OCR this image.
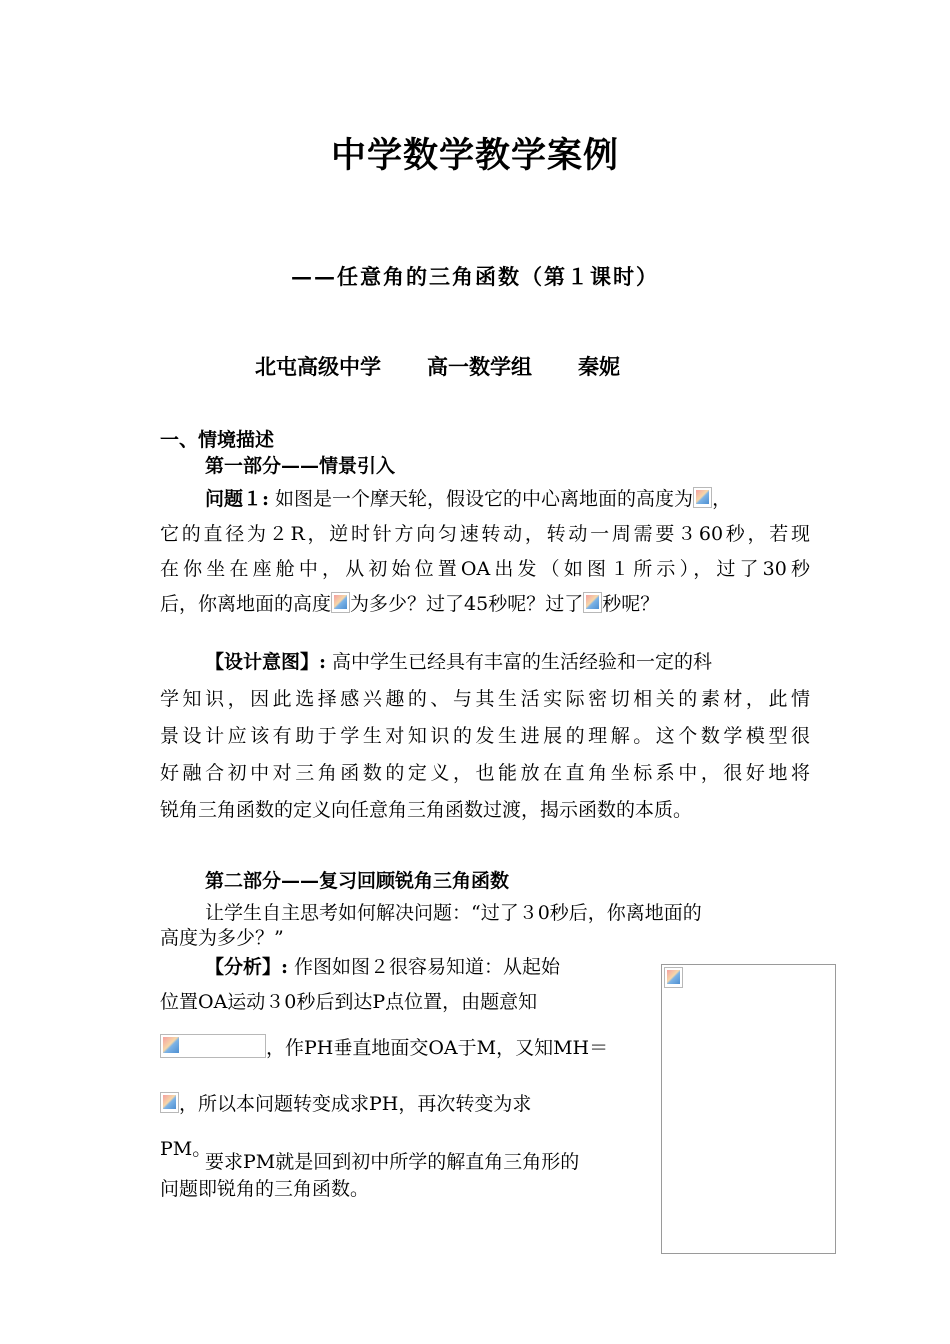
中学数学教学案例
——任意角的三角函数（第１课时）
北屯高级中学 高一数学组 秦妮
一、情境描述
第一部分——情景引入
问题１: 如图是一个摩天轮，假设它的中心离地面的高度为 ，
它的直径为２R，逆时针方向匀速转动，转动一周需要３60秒，若现
在你坐在座舱中，从初始位置OA出发（如图１所示），过了30秒
后，你离地面的高度 为多少？过了45秒呢？过了 秒呢？
【设计意图】: 高中学生已经具有丰富的生活经验和一定的科
学知识，因此选择感兴趣的、与其生活实际密切相关的素材，此情
景设计应该有助于学生对知识的发生进展的理解。这个数学模型很
好融合初中对三角函数的定义，也能放在直角坐标系中，很好地将
锐角三角函数的定义向任意角三角函数过渡，揭示函数的本质。
第二部分——复习回顾锐角三角函数
让学生自主思考如何解决问题：“过了３0秒后，你离地面的
高度为多少？”
【分析】: 作图如图２很容易知道：从起始
位置OA运动３0秒后到达P点位置，由题意知
，作PH垂直地面交OA于M，又知MH＝
，所以本问题转变成求PH，再次转变为求
PM。
要求PM就是回到初中所学的解直角三角形的
问题即锐角的三角函数。
